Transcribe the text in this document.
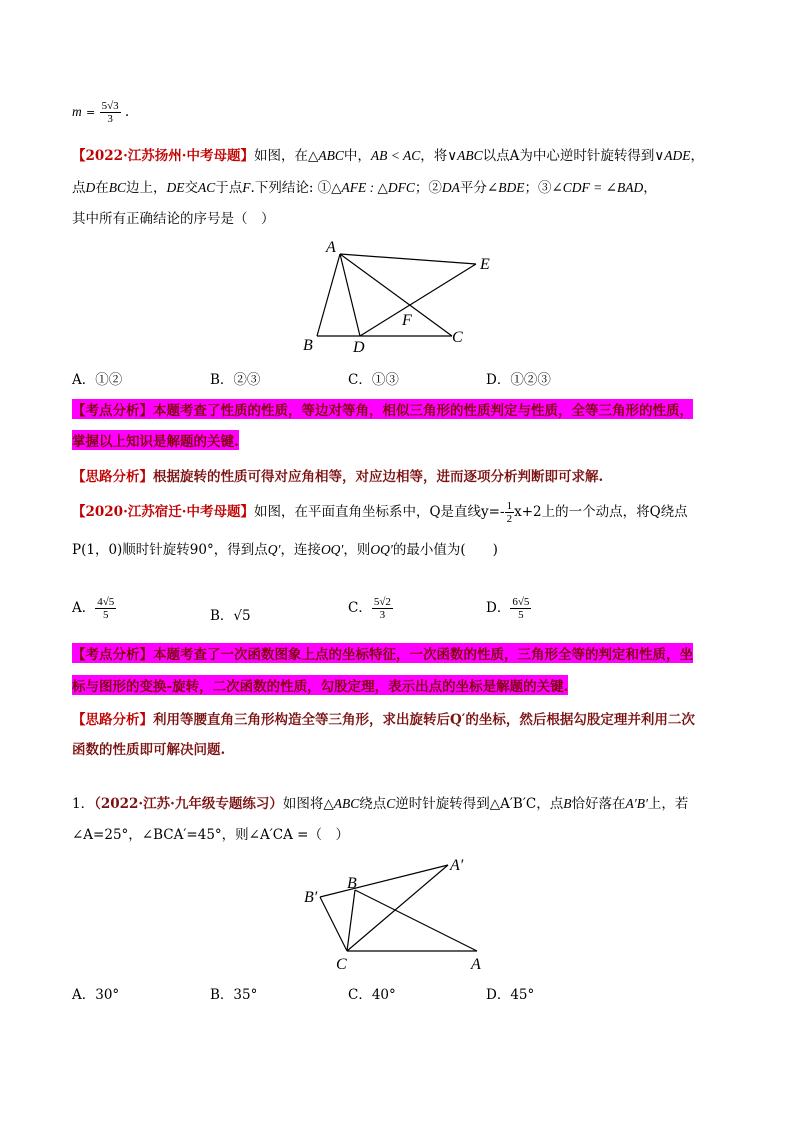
$m = \frac{5√3}{3}$ .
【2022·江苏扬州·中考母题】如图，在△ABC中，AB < AC，将∨ABC以点A为中心逆时针旋转得到∨ADE，
点D在BC边上，DE交AC于点F.下列结论: ①△AFE : △DFC；②DA平分∠BDE；③∠CDF = ∠BAD，
其中所有正确结论的序号是（　）
A
E
F
B	D
C
A．①②	B．②③	C．①③	D．①②③
【考点分析】本题考查了性质的性质，等边对等角，相似三角形的性质判定与性质，全等三角形的性质，
掌握以上知识是解题的关键.
【思路分析】根据旋转的性质可得对应角相等，对应边相等，进而逐项分析判断即可求解.
【2020·江苏宿迁·中考母题】如图，在平面直角坐标系中，Q是直线$y=- \frac{1}{2} x+2$上的一个动点，将Q绕点
P(1，0)顺时针旋转90°，得到点Q′，连接OQ′，则OQ′的最小值为(　　)
A． $\frac{4√5}{5}$	B．√5	C． $\frac{5√2}{3}$	D． $\frac{6√5}{5}$
【考点分析】本题考查了一次函数图象上点的坐标特征，一次函数的性质，三角形全等的判定和性质，坐
标与图形的变换-旋转，二次函数的性质，勾股定理，表示出点的坐标是解题的关键.
【思路分析】利用等腰直角三角形构造全等三角形，求出旋转后Q′的坐标，然后根据勾股定理并利用二次
函数的性质即可解决问题.
1．（2022·江苏·九年级专题练习）如图将△ABC绕点C逆时针旋转得到△A′B′C，点B恰好落在A′B′上，若
∠A=25°，∠BCA′=45°，则∠A′CA =（　）
A′
B′
B
C	A
A．30°	B．35°	C．40°	D．45°
